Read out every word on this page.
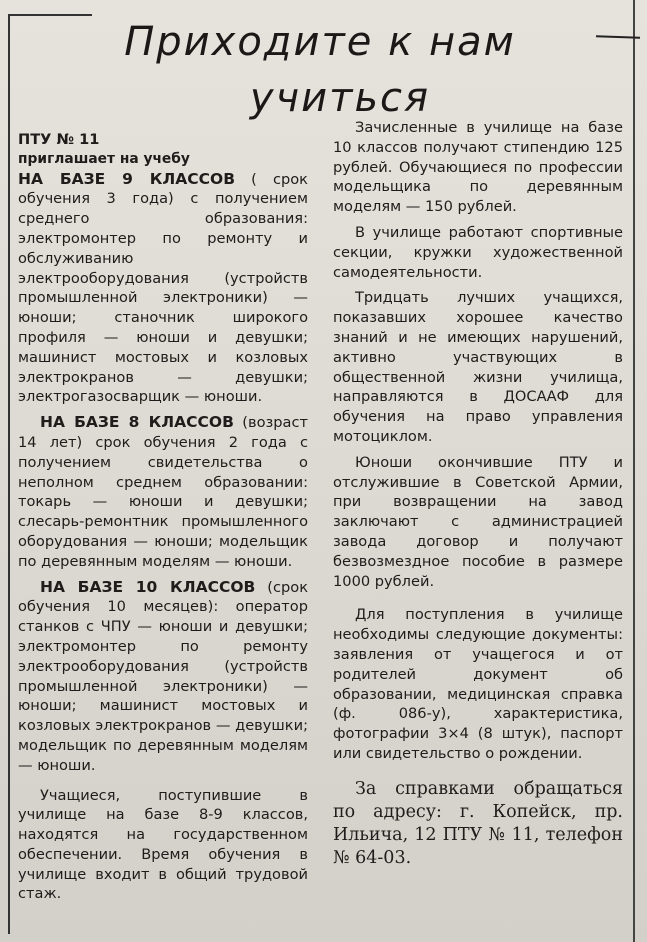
Приходите к нам
учиться

ПТУ № 11

приглашает на учебу

НА БАЗЕ 9 КЛАССОВ ( срок обучения 3 года) с получением среднего образования: электромонтер по ремонту и обслуживанию электрооборудования (устройств промышленной электроники) — юноши; станочник широкого профиля — юноши и девушки; машинист мостовых и козловых электрокранов — девушки; электрогазосварщик — юноши.

НА БАЗЕ 8 КЛАССОВ (возраст 14 лет) срок обучения 2 года с получением свидетельства о неполном среднем образовании: токарь — юноши и девушки; слесарь-ремонтник промышленного оборудования — юноши; модельщик по деревянным моделям — юноши.

НА БАЗЕ 10 КЛАССОВ (срок обучения 10 месяцев): оператор станков с ЧПУ — юноши и девушки; электромонтер по ремонту электрооборудования (устройств промышленной электроники) — юноши; машинист мостовых и козловых электрокранов — девушки; модельщик по деревянным моделям — юноши.

Учащиеся, поступившие в училище на базе 8-9 классов, находятся на государственном обеспечении. Время обучения в училище входит в общий трудовой стаж.

Зачисленные в училище на базе 10 классов получают стипендию 125 рублей. Обучающиеся по профессии модельщика по деревянным моделям — 150 рублей.

В училище работают спортивные секции, кружки художественной самодеятельности.

Тридцать лучших учащихся, показавших хорошее качество знаний и не имеющих нарушений, активно участвующих в общественной жизни училища, направляются в ДОСААФ для обучения на право управления мотоциклом.

Юноши окончившие ПТУ и отслужившие в Советской Армии, при возвращении на завод заключают с администрацией завода договор и получают безвозмездное пособие в размере 1000 рублей.

Для поступления в училище необходимы следующие документы: заявления от учащегося и от родителей документ об образовании, медицинская справка (ф. 086-у), характеристика, фотографии 3×4 (8 штук), паспорт или свидетельство о рождении.

За справками обращаться по адресу: г. Копейск, пр. Ильича, 12 ПТУ № 11, телефон № 64-03.
